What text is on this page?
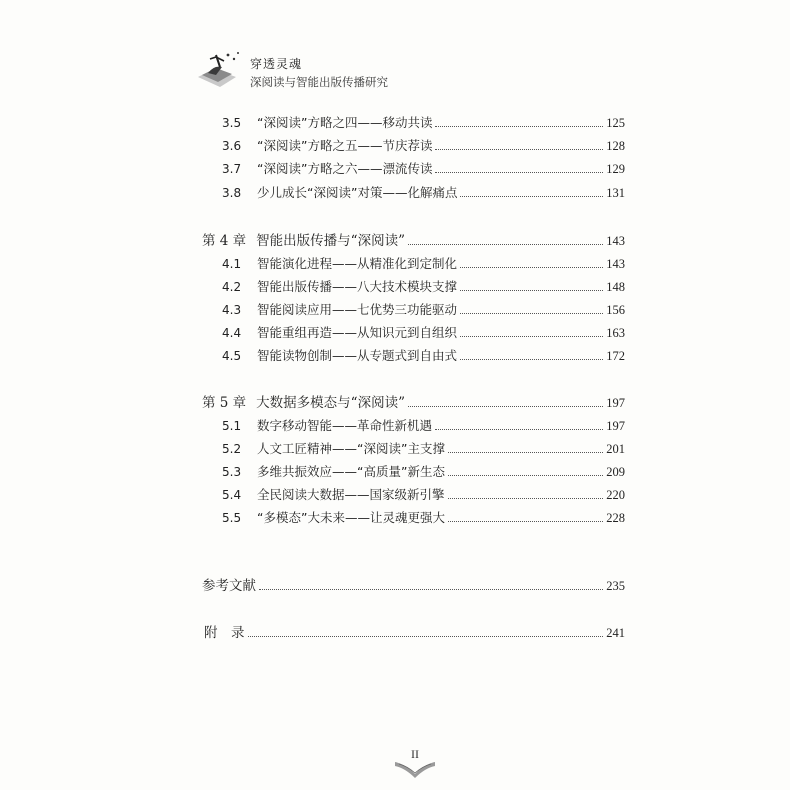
穿透灵魂
深阅读与智能出版传播研究
3.5	“深阅读”方略之四——移动共读	125
3.6	“深阅读”方略之五——节庆荐读	128
3.7	“深阅读”方略之六——漂流传读	129
3.8	少儿成长“深阅读”对策——化解痛点	131
第 4 章 智能出版传播与“深阅读”	143
4.1	智能演化进程——从精准化到定制化	143
4.2	智能出版传播——八大技术模块支撑	148
4.3	智能阅读应用——七优势三功能驱动	156
4.4	智能重组再造——从知识元到自组织	163
4.5	智能读物创制——从专题式到自由式	172
第 5 章 大数据多模态与“深阅读”	197
5.1	数字移动智能——革命性新机遇	197
5.2	人文工匠精神——“深阅读”主支撑	201
5.3	多维共振效应——“高质量”新生态	209
5.4	全民阅读大数据——国家级新引擎	220
5.5	“多模态”大未来——让灵魂更强大	228
参考文献	235
附　录	241
II
